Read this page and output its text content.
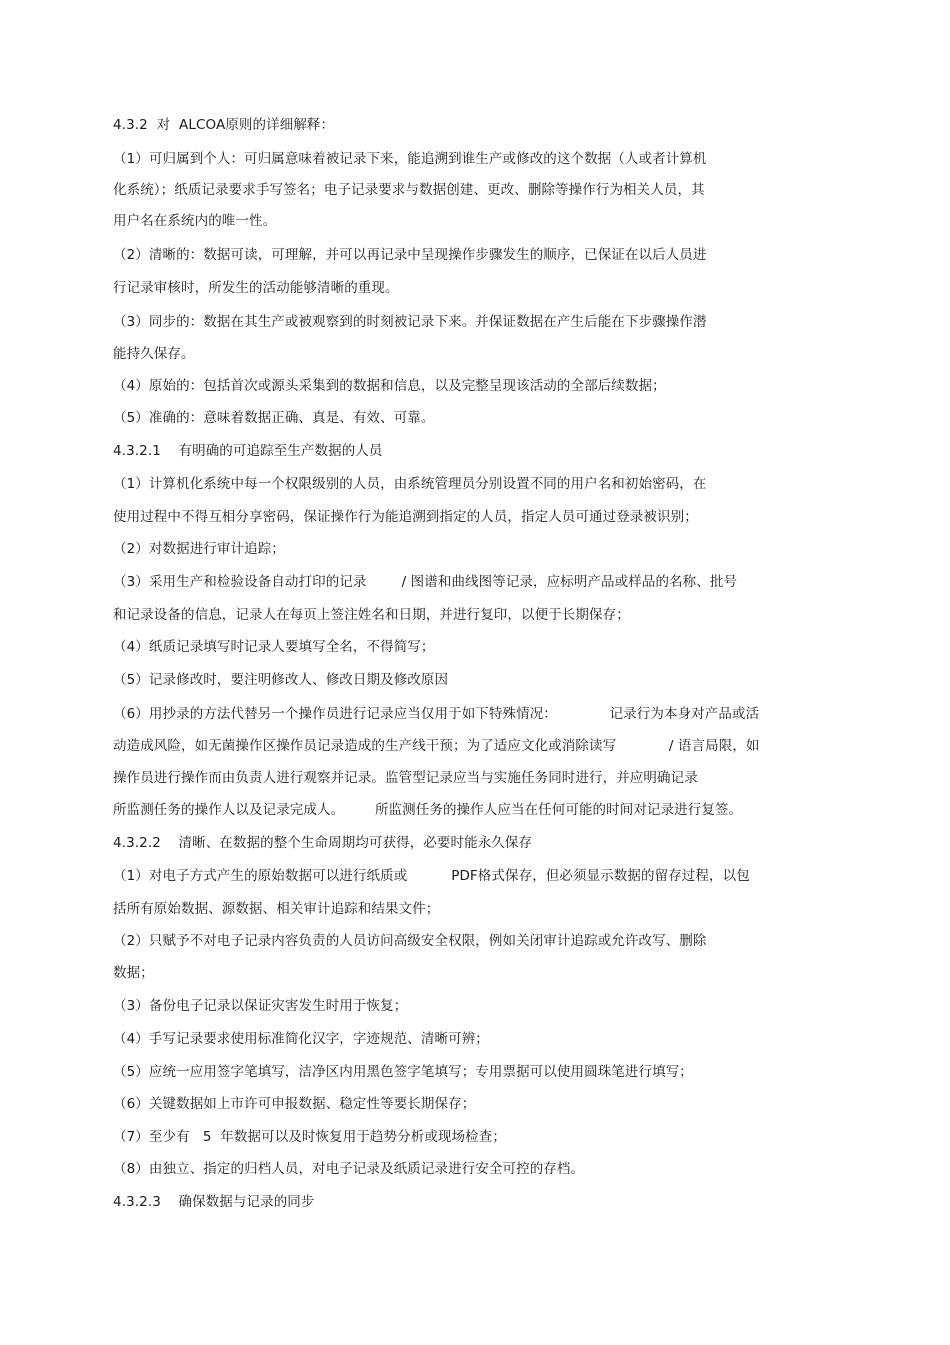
4.3.2  对  ALCOA原则的详细解释：
（1）可归属到个人：可归属意味着被记录下来，能追溯到谁生产或修改的这个数据（人或者计算机
化系统）；纸质记录要求手写签名；电子记录要求与数据创建、更改、删除等操作行为相关人员，其
用户名在系统内的唯一性。
（2）清晰的：数据可读，可理解，并可以再记录中呈现操作步骤发生的顺序，已保证在以后人员进
行记录审核时，所发生的活动能够清晰的重现。
（3）同步的：数据在其生产或被观察到的时刻被记录下来。并保证数据在产生后能在下步骤操作潜
能持久保存。
（4）原始的：包括首次或源头采集到的数据和信息，以及完整呈现该活动的全部后续数据；
（5）准确的：意味着数据正确、真是、有效、可靠。
4.3.2.1    有明确的可追踪至生产数据的人员
（1）计算机化系统中每一个权限级别的人员，由系统管理员分别设置不同的用户名和初始密码，在
使用过程中不得互相分享密码，保证操作行为能追溯到指定的人员，指定人员可通过登录被识别；
（2）对数据进行审计追踪；
（3）采用生产和检验设备自动打印的记录        / 图谱和曲线图等记录，应标明产品或样品的名称、批号
和记录设备的信息，记录人在每页上签注姓名和日期，并进行复印，以便于长期保存；
（4）纸质记录填写时记录人要填写全名，不得简写；
（5）记录修改时，要注明修改人、修改日期及修改原因
（6）用抄录的方法代替另一个操作员进行记录应当仅用于如下特殊情况：            记录行为本身对产品或活
动造成风险，如无菌操作区操作员记录造成的生产线干预；为了适应文化或消除读写            / 语言局限，如
操作员进行操作而由负责人进行观察并记录。监管型记录应当与实施任务同时进行，并应明确记录
所监测任务的操作人以及记录完成人。       所监测任务的操作人应当在任何可能的时间对记录进行复签。
4.3.2.2    清晰、在数据的整个生命周期均可获得，必要时能永久保存
（1）对电子方式产生的原始数据可以进行纸质或          PDF格式保存，但必须显示数据的留存过程，以包
括所有原始数据、源数据、相关审计追踪和结果文件；
（2）只赋予不对电子记录内容负责的人员访问高级安全权限，例如关闭审计追踪或允许改写、删除
数据；
（3）备份电子记录以保证灾害发生时用于恢复；
（4）手写记录要求使用标准简化汉字，字迹规范、清晰可辨；
（5）应统一应用签字笔填写，洁净区内用黑色签字笔填写；专用票据可以使用圆珠笔进行填写；
（6）关键数据如上市许可申报数据、稳定性等要长期保存；
（7）至少有   5  年数据可以及时恢复用于趋势分析或现场检查；
（8）由独立、指定的归档人员，对电子记录及纸质记录进行安全可控的存档。
4.3.2.3    确保数据与记录的同步
